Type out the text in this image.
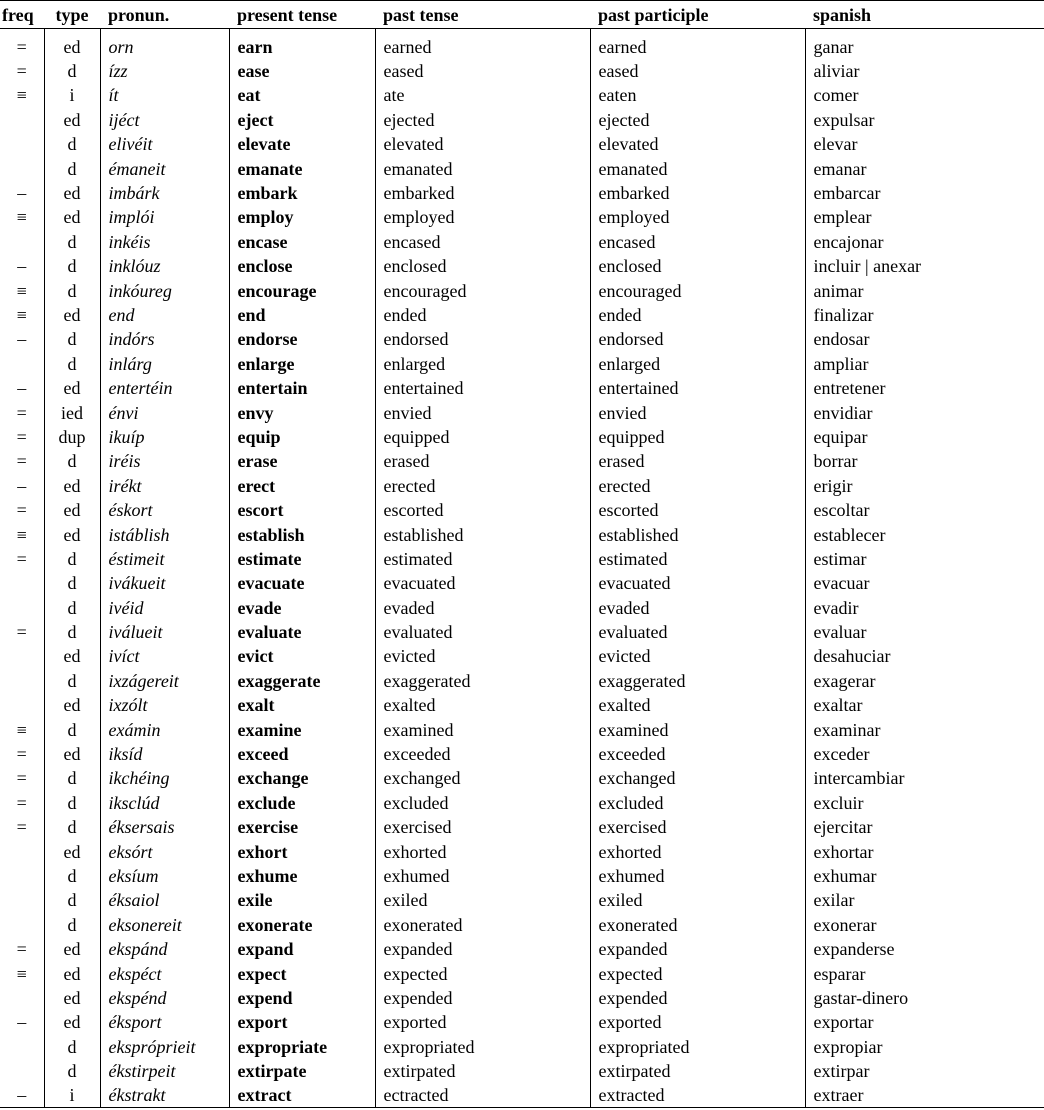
freq	type	pronun.	present tense	past tense	past participle	spanish

=	ed	orn	earn	earned	earned	ganar
=	d	ízz	ease	eased	eased	aliviar
≡	i	ít	eat	ate	eaten	comer
	ed	ijéct	eject	ejected	ejected	expulsar
	d	elivéit	elevate	elevated	elevated	elevar
	d	émaneit	emanate	emanated	emanated	emanar
–	ed	imbárk	embark	embarked	embarked	embarcar
≡	ed	implói	employ	employed	employed	emplear
	d	inkéis	encase	encased	encased	encajonar
–	d	inklóuz	enclose	enclosed	enclosed	incluir | anexar
≡	d	inkóureg	encourage	encouraged	encouraged	animar
≡	ed	end	end	ended	ended	finalizar
–	d	indórs	endorse	endorsed	endorsed	endosar
	d	inlárg	enlarge	enlarged	enlarged	ampliar
–	ed	entertéin	entertain	entertained	entertained	entretener
=	ied	énvi	envy	envied	envied	envidiar
=	dup	ikuíp	equip	equipped	equipped	equipar
=	d	iréis	erase	erased	erased	borrar
–	ed	irékt	erect	erected	erected	erigir
=	ed	éskort	escort	escorted	escorted	escoltar
≡	ed	istáblish	establish	established	established	establecer
=	d	éstimeit	estimate	estimated	estimated	estimar
	d	ivákueit	evacuate	evacuated	evacuated	evacuar
	d	ivéid	evade	evaded	evaded	evadir
=	d	iválueit	evaluate	evaluated	evaluated	evaluar
	ed	ivíct	evict	evicted	evicted	desahuciar
	d	ixzágereit	exaggerate	exaggerated	exaggerated	exagerar
	ed	ixzólt	exalt	exalted	exalted	exaltar
≡	d	exámin	examine	examined	examined	examinar
=	ed	iksíd	exceed	exceeded	exceeded	exceder
=	d	ikchéing	exchange	exchanged	exchanged	intercambiar
=	d	iksclúd	exclude	excluded	excluded	excluir
=	d	éksersais	exercise	exercised	exercised	ejercitar
	ed	eksórt	exhort	exhorted	exhorted	exhortar
	d	eksíum	exhume	exhumed	exhumed	exhumar
	d	éksaiol	exile	exiled	exiled	exilar
	d	eksonereit	exonerate	exonerated	exonerated	exonerar
=	ed	ekspánd	expand	expanded	expanded	expanderse
≡	ed	ekspéct	expect	expected	expected	esparar
	ed	ekspénd	expend	expended	expended	gastar-dinero
–	ed	éksport	export	exported	exported	exportar
	d	ekspróprieit	expropriate	expropriated	expropriated	expropiar
	d	ékstirpeit	extirpate	extirpated	extirpated	extirpar
–	i	ékstrakt	extract	ectracted	extracted	extraer
